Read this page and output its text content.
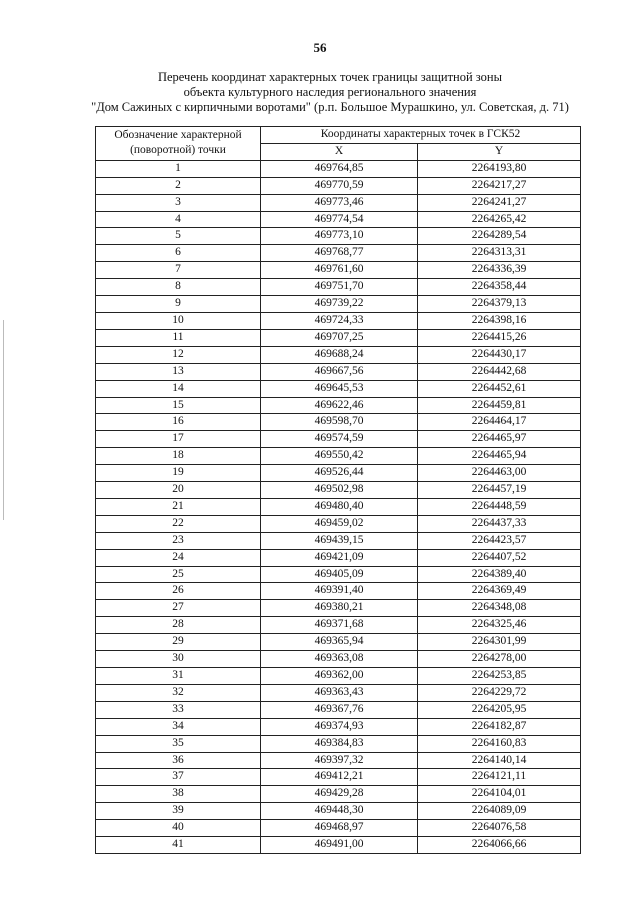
56
Перечень координат характерных точек границы защитной зоны
объекта культурного наследия регионального значения
"Дом Сажиных с кирпичными воротами" (р.п. Большое Мурашкино, ул. Советская, д. 71)
Обозначение характерной (поворотной) точки	Координаты характерных точек в ГСК52	
	X	Y
1	469764,85	2264193,80
2	469770,59	2264217,27
3	469773,46	2264241,27
4	469774,54	2264265,42
5	469773,10	2264289,54
6	469768,77	2264313,31
7	469761,60	2264336,39
8	469751,70	2264358,44
9	469739,22	2264379,13
10	469724,33	2264398,16
11	469707,25	2264415,26
12	469688,24	2264430,17
13	469667,56	2264442,68
14	469645,53	2264452,61
15	469622,46	2264459,81
16	469598,70	2264464,17
17	469574,59	2264465,97
18	469550,42	2264465,94
19	469526,44	2264463,00
20	469502,98	2264457,19
21	469480,40	2264448,59
22	469459,02	2264437,33
23	469439,15	2264423,57
24	469421,09	2264407,52
25	469405,09	2264389,40
26	469391,40	2264369,49
27	469380,21	2264348,08
28	469371,68	2264325,46
29	469365,94	2264301,99
30	469363,08	2264278,00
31	469362,00	2264253,85
32	469363,43	2264229,72
33	469367,76	2264205,95
34	469374,93	2264182,87
35	469384,83	2264160,83
36	469397,32	2264140,14
37	469412,21	2264121,11
38	469429,28	2264104,01
39	469448,30	2264089,09
40	469468,97	2264076,58
41	469491,00	2264066,66
